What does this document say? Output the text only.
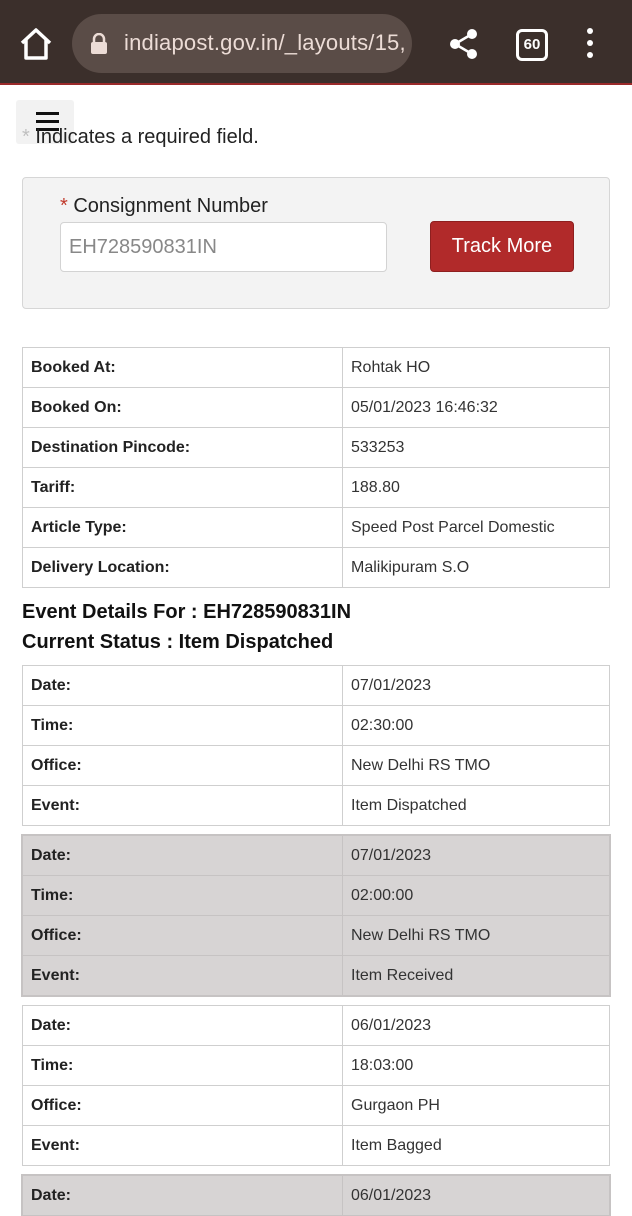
indiapost.gov.in/_layouts/15,	60

* Indicates a required field.
* Consignment Number
EH728590831IN
Track More
Booked At:	Rohtak HO
Booked On:	05/01/2023 16:46:32
Destination Pincode:	533253
Tariff:	188.80
Article Type:	Speed Post Parcel Domestic
Delivery Location:	Malikipuram S.O
Event Details For : EH728590831IN
Current Status : Item Dispatched
Date:	07/01/2023
Time:	02:30:00
Office:	New Delhi RS TMO
Event:	Item Dispatched
Date:	07/01/2023
Time:	02:00:00
Office:	New Delhi RS TMO
Event:	Item Received
Date:	06/01/2023
Time:	18:03:00
Office:	Gurgaon PH
Event:	Item Bagged
Date:	06/01/2023
